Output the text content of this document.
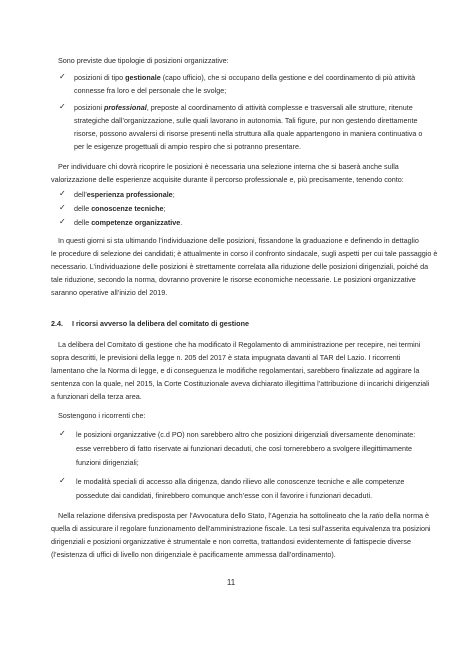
Sono previste due tipologie di posizioni organizzative:
✓ posizioni di tipo gestionale (capo ufficio), che si occupano della gestione e del coordinamento di più attività
connesse fra loro e del personale che le svolge;
✓ posizioni professional, preposte al coordinamento di attività complesse e trasversali alle strutture, ritenute
strategiche dall’organizzazione, sulle quali lavorano in autonomia. Tali figure, pur non gestendo direttamente
risorse, possono avvalersi di risorse presenti nella struttura alla quale appartengono in maniera continuativa o
per le esigenze progettuali di ampio respiro che si potranno presentare.
Per individuare chi dovrà ricoprire le posizioni è necessaria una selezione interna che si baserà anche sulla
valorizzazione delle esperienze acquisite durante il percorso professionale e, più precisamente, tenendo conto:
✓ dell’esperienza professionale;
✓ delle conoscenze tecniche;
✓ delle competenze organizzative.
In questi giorni si sta ultimando l’individuazione delle posizioni, fissandone la graduazione e definendo in dettaglio
le procedure di selezione dei candidati; è attualmente in corso il confronto sindacale, sugli aspetti per cui tale passaggio è
necessario. L’individuazione delle posizioni è strettamente correlata alla riduzione delle posizioni dirigenziali, poiché da
tale riduzione, secondo la norma, dovranno provenire le risorse economiche necessarie. Le posizioni organizzative
saranno operative all’inizio del 2019.
2.4. I ricorsi avverso la delibera del comitato di gestione
La delibera del Comitato di gestione che ha modificato il Regolamento di amministrazione per recepire, nei termini
sopra descritti, le previsioni della legge n. 205 del 2017 è stata impugnata davanti al TAR del Lazio. I ricorrenti
lamentano che la Norma di legge, e di conseguenza le modifiche regolamentari, sarebbero finalizzate ad aggirare la
sentenza con la quale, nel 2015, la Corte Costituzionale aveva dichiarato illegittima l’attribuzione di incarichi dirigenziali
a funzionari della terza area.
Sostengono i ricorrenti che:
✓ le posizioni organizzative (c.d PO) non sarebbero altro che posizioni dirigenziali diversamente denominate:
esse verrebbero di fatto riservate ai funzionari decaduti, che così tornerebbero a svolgere illegittimamente
funzioni dirigenziali;
✓ le modalità speciali di accesso alla dirigenza, dando rilievo alle conoscenze tecniche e alle competenze
possedute dai candidati, finirebbero comunque anch’esse con il favorire i funzionari decaduti.
Nella relazione difensiva predisposta per l’Avvocatura dello Stato, l’Agenzia ha sottolineato che la ratio della norma è
quella di assicurare il regolare funzionamento dell’amministrazione fiscale. La tesi sull’asserita equivalenza tra posizioni
dirigenziali e posizioni organizzative è strumentale e non corretta, trattandosi evidentemente di fattispecie diverse
(l’esistenza di uffici di livello non dirigenziale è pacificamente ammessa dall’ordinamento).
11
